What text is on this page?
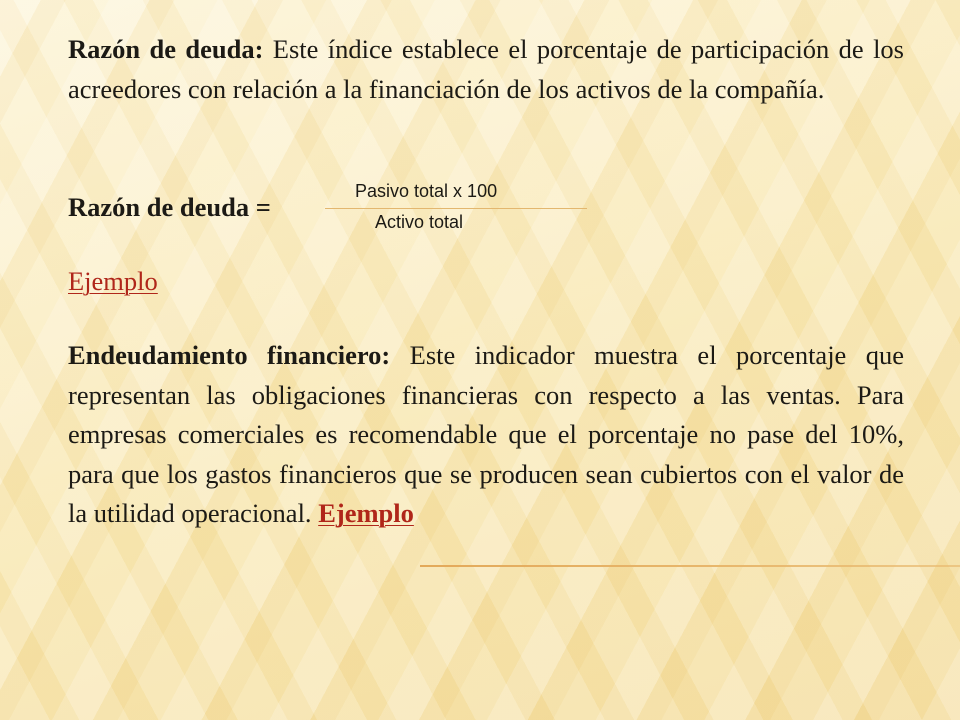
Razón de deuda: Este índice establece el porcentaje de participación de los acreedores con relación a la financiación de los activos de la compañía.

Razón de deuda =
Pasivo total x 100
Activo total
Ejemplo

Endeudamiento financiero: Este indicador muestra el porcentaje que representan las obligaciones financieras con respecto a las ventas. Para empresas comerciales es recomendable que el porcentaje no pase del 10%, para que los gastos financieros que se producen sean cubiertos con el valor de la utilidad operacional. Ejemplo
